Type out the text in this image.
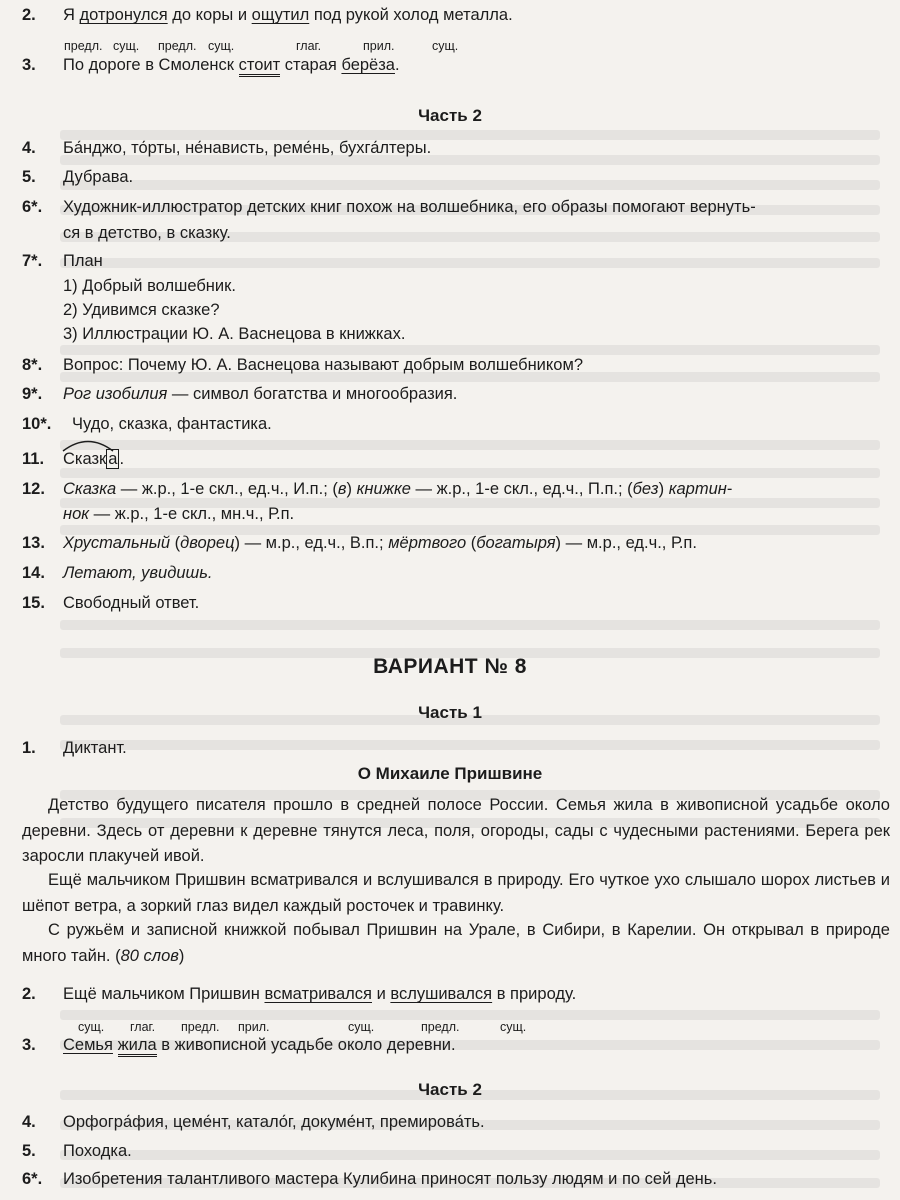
2. Я дотронулся до коры и ощутил под рукой холод металла.
предл. сущ. предл. сущ.	глаг.	прил.	сущ.
3. По дороге в Смоленск стоит старая берёза.
Часть 2
4. Ба́нджо, то́рты, не́нависть, реме́нь, бухга́лтеры.
5. Дубрава.
6*. Художник-иллюстратор детских книг похож на волшебника, его образы помогают вернуть-
ся в детство, в сказку.
7*. План
1) Добрый волшебник.
2) Удивимся сказке?
3) Иллюстрации Ю. А. Васнецова в книжках.
8*. Вопрос: Почему Ю. А. Васнецова называют добрым волшебником?
9*. Рог изобилия — символ богатства и многообразия.
10*. Чудо, сказка, фантастика.
11. Сказк а .
12. Сказка — ж.р., 1-е скл., ед.ч., И.п.; (в) книжке — ж.р., 1-е скл., ед.ч., П.п.; (без) картин-
нок — ж.р., 1-е скл., мн.ч., Р.п.
13. Хрустальный (дворец) — м.р., ед.ч., В.п.; мёртвого (богатыря) — м.р., ед.ч., Р.п.
14. Летают, увидишь.
15. Свободный ответ.
ВАРИАНТ № 8
Часть 1
1. Диктант.
О Михаиле Пришвине
Детство будущего писателя прошло в средней полосе России. Семья жила в живописной усадьбе около деревни. Здесь от деревни к деревне тянутся леса, поля, огороды, сады с чудесными растениями. Берега рек заросли плакучей ивой.
Ещё мальчиком Пришвин всматривался и вслушивался в природу. Его чуткое ухо слышало шорох листьев и шёпот ветра, а зоркий глаз видел каждый росточек и травинку.
С ружьём и записной книжкой побывал Пришвин на Урале, в Сибири, в Карелии. Он открывал в природе много тайн. (80 слов)
2. Ещё мальчиком Пришвин всматривался и вслушивался в природу.
сущ. глаг. предл. прил.	сущ.	предл.	сущ.
3. Семья жила в живописной усадьбе около деревни.
Часть 2
4. Орфогра́фия, цеме́нт, катало́г, докуме́нт, премирова́ть.
5. Походка.
6*. Изобретения талантливого мастера Кулибина приносят пользу людям и по сей день.
